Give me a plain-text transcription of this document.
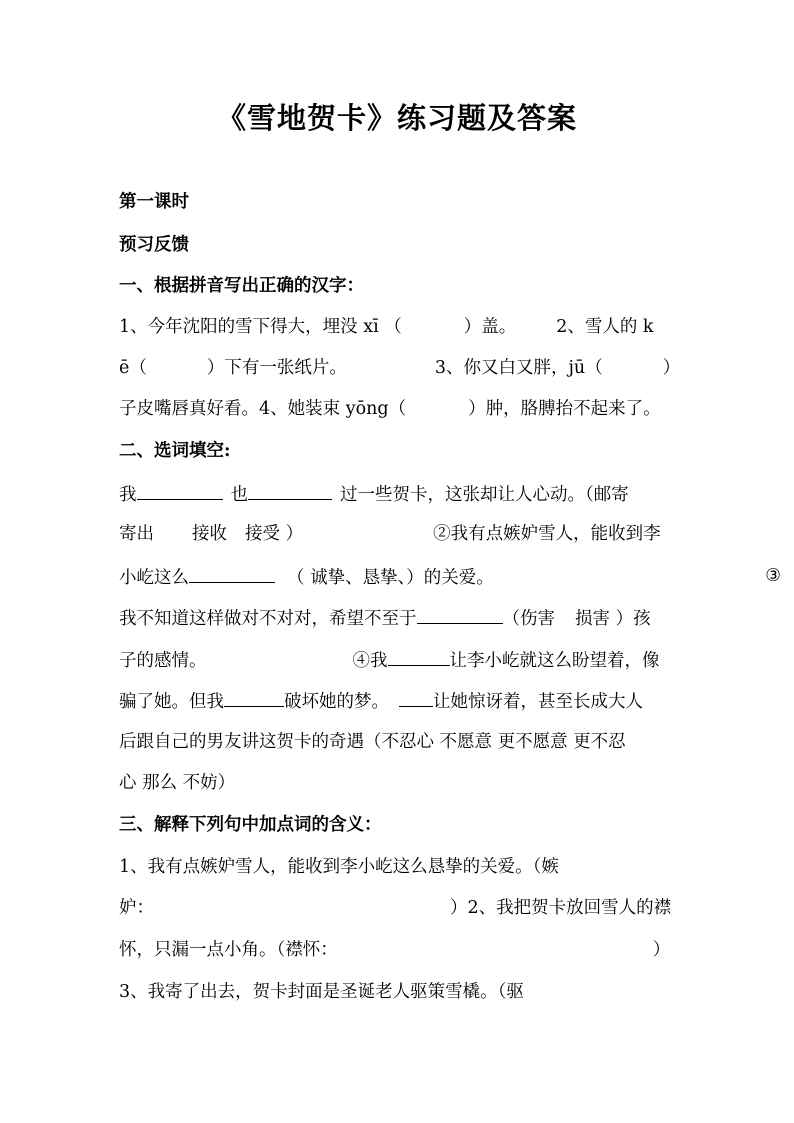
《雪地贺卡》练习题及答案
第一课时
预习反馈
一、根据拼音写出正确的汉字：
1、今年沈阳的雪下得大，埋没 xī （	）盖。 2、雪人的 k
ē（	）下有一张纸片。	3、你又白又胖，jū（	）
子皮嘴唇真好看。4、她装束 yōng（	）肿，胳膊抬不起来了。
二、选词填空:
我	也	过一些贺卡，这张却让人心动。（邮寄
寄出 接收 接受 ）	②我有点嫉妒雪人，能收到李
小屹这么	（ 诚挚、恳挚、）的关爱。	③
我不知道这样做对不对对，希望不至于	（伤害 损害 ）孩
子的感情。	④我	让李小屹就这么盼望着，像
骗了她。但我	破坏她的梦。	让她惊讶着，甚至长成大人
后跟自己的男友讲这贺卡的奇遇（不忍心 不愿意 更不愿意 更不忍
心 那么 不妨）
三、解释下列句中加点词的含义：
1、我有点嫉妒雪人，能收到李小屹这么恳挚的关爱。（嫉
妒：	）2、我把贺卡放回雪人的襟
怀，只漏一点小角。（襟怀：	）
3、我寄了出去，贺卡封面是圣诞老人驱策雪橇。（驱
